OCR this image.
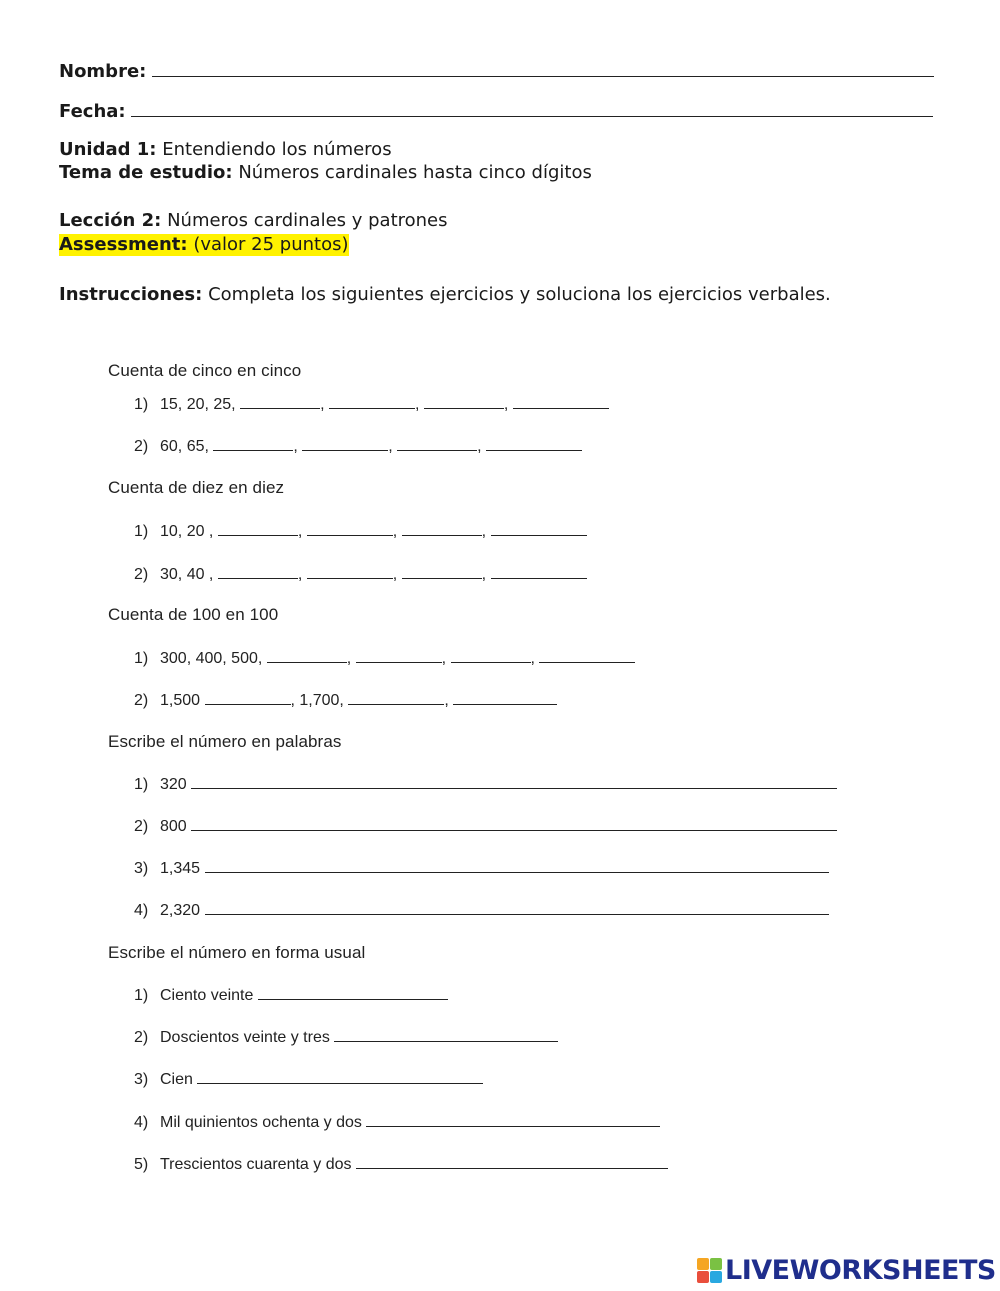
Nombre:
Fecha:
Unidad 1: Entendiendo los números
Tema de estudio: Números cardinales hasta cinco dígitos
Lección 2: Números cardinales y patrones
Assessment: (valor 25 puntos)
Instrucciones: Completa los siguientes ejercicios y soluciona los ejercicios verbales.
Cuenta de cinco en cinco
1) 15, 20, 25,	,	,	,
2) 60, 65,	,	,	,
Cuenta de diez en diez
1) 10, 20 ,	,	,	,
2) 30, 40 ,	,	,	,
Cuenta de 100 en 100
1) 300, 400, 500,	,	,	,
2) 1,500	, 1,700,	,
Escribe el número en palabras
1) 320
2) 800
3) 1,345
4) 2,320
Escribe el número en forma usual
1) Ciento veinte
2) Doscientos veinte y tres
3) Cien
4) Mil quinientos ochenta y dos
5) Trescientos cuarenta y dos
LIVEWORKSHEETS
